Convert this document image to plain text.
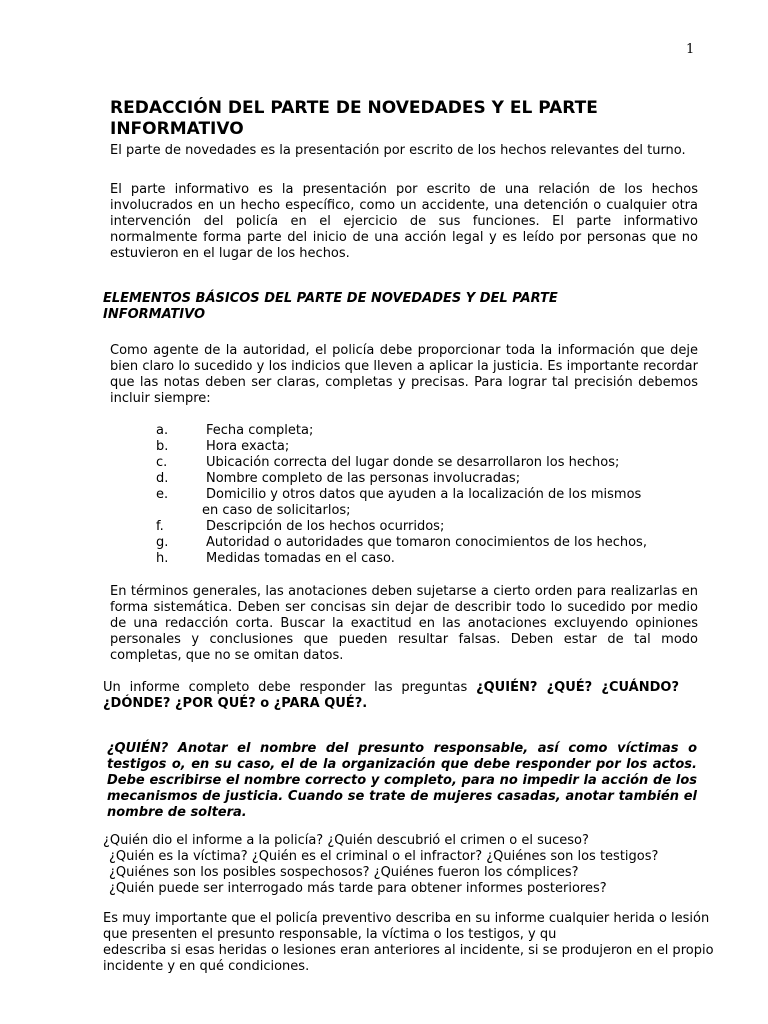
1
REDACCIÓN DEL PARTE DE NOVEDADES Y EL PARTE INFORMATIVO

El parte de novedades es la presentación por escrito de los hechos relevantes del turno.

El parte informativo es la presentación por escrito de una relación de los hechos involucrados en un hecho específico, como un accidente, una detención o cualquier otra intervención del policía en el ejercicio de sus funciones. El parte informativo normalmente forma parte del inicio de una acción legal y es leído por personas que no estuvieron en el lugar de los hechos.

ELEMENTOS BÁSICOS DEL PARTE DE NOVEDADES Y DEL PARTE INFORMATIVO

Como agente de la autoridad, el policía debe proporcionar toda la información que deje bien claro lo sucedido y los indicios que lleven a aplicar la justicia. Es importante recordar que las notas deben ser claras, completas y precisas. Para lograr tal precisión debemos incluir siempre:

a.	Fecha completa;
b.	Hora exacta;
c.	Ubicación correcta del lugar donde se desarrollaron los hechos;
d.	Nombre completo de las personas involucradas;
e.	Domicilio y otros datos que ayuden a la localización de los mismos
en caso de solicitarlos;
f.	Descripción de los hechos ocurridos;
g.	Autoridad o autoridades que tomaron conocimientos de los hechos,
h.	Medidas tomadas en el caso.

En términos generales, las anotaciones deben sujetarse a cierto orden para realizarlas en forma sistemática. Deben ser concisas sin dejar de describir todo lo sucedido por medio de una redacción corta. Buscar la exactitud en las anotaciones excluyendo opiniones personales y conclusiones que pueden resultar falsas. Deben estar de tal modo completas, que no se omitan datos.

Un informe completo debe responder las preguntas ¿QUIÉN? ¿QUÉ? ¿CUÁNDO? ¿DÓNDE? ¿POR QUÉ? o ¿PARA QUÉ?.

¿QUIÉN? Anotar el nombre del presunto responsable, así como víctimas o testigos o, en su caso, el de la organización que debe responder por los actos. Debe escribirse el nombre correcto y completo, para no impedir la acción de los mecanismos de justicia. Cuando se trate de mujeres casadas, anotar también el nombre de soltera.

¿Quién dio el informe a la policía? ¿Quién descubrió el crimen o el suceso?
¿Quién es la víctima? ¿Quién es el criminal o el infractor? ¿Quiénes son los testigos? ¿Quiénes son los posibles sospechosos? ¿Quiénes fueron los cómplices?
¿Quién puede ser interrogado más tarde para obtener informes posteriores?
Es muy importante que el policía preventivo describa en su informe cualquier herida o lesión que presenten el presunto responsable, la víctima o los testigos, y qu
edescriba si esas heridas o lesiones eran anteriores al incidente, si se produjeron en el propio incidente y en qué condiciones.
